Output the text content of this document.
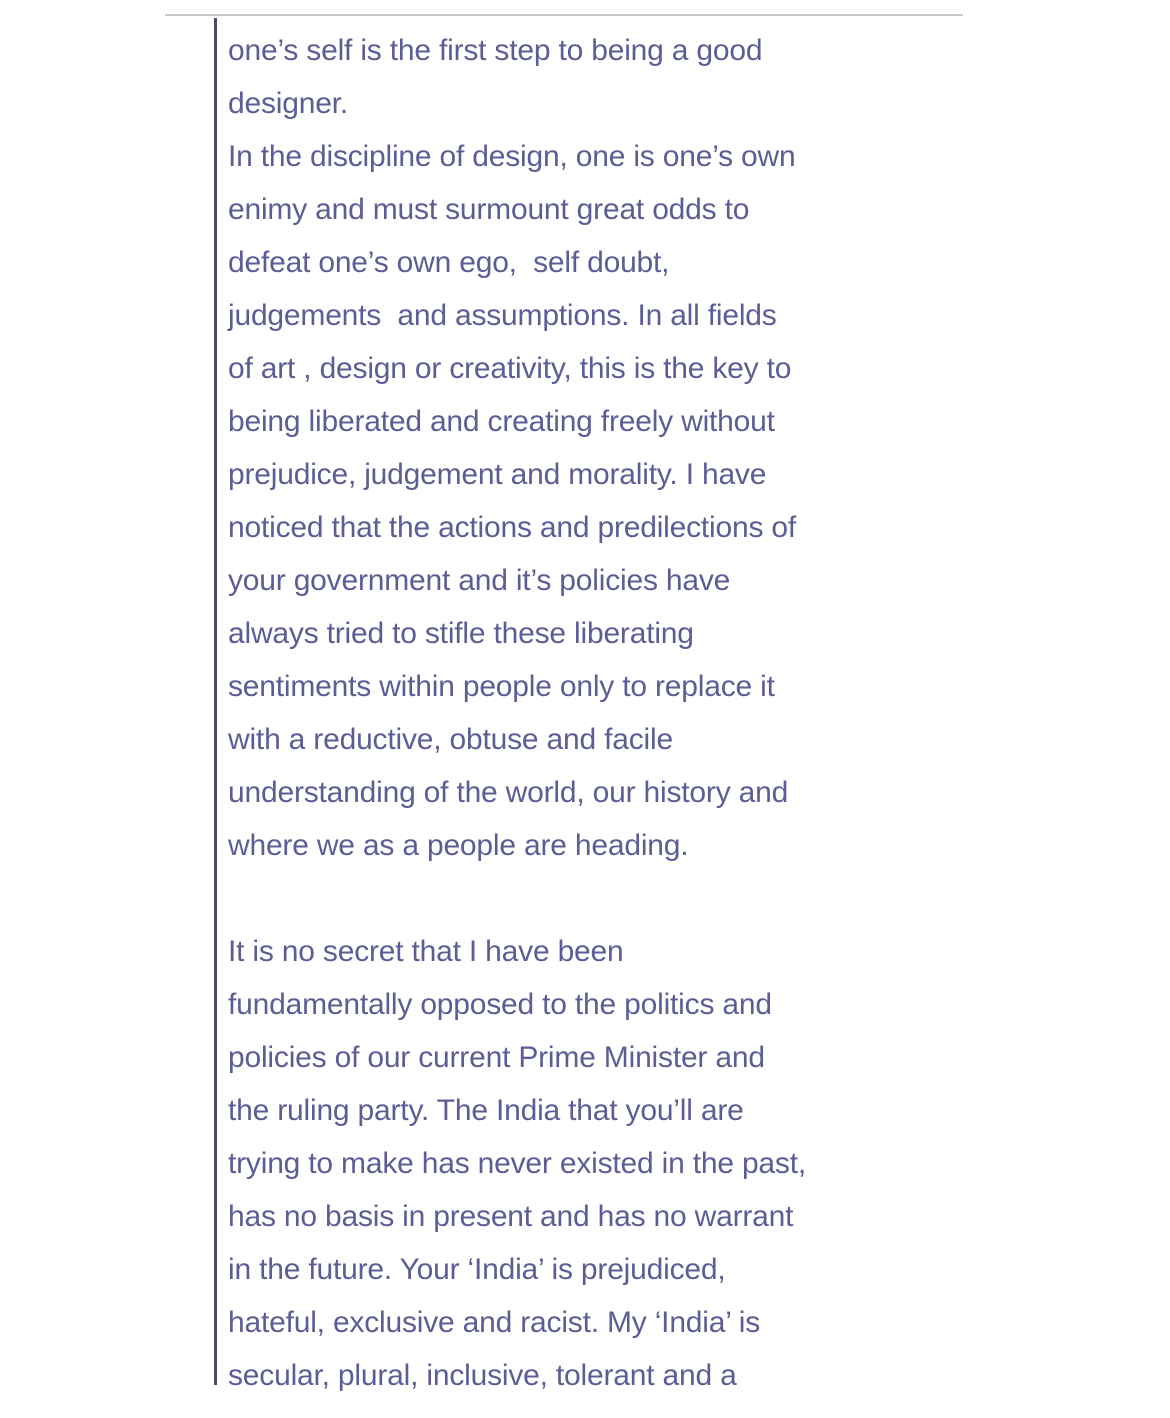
one’s self is the first step to being a good
designer.
In the discipline of design, one is one’s own
enimy and must surmount great odds to
defeat one’s own ego,  self doubt,
judgements  and assumptions. In all fields
of art , design or creativity, this is the key to
being liberated and creating freely without
prejudice, judgement and morality. I have
noticed that the actions and predilections of
your government and it’s policies have
always tried to stifle these liberating
sentiments within people only to replace it
with a reductive, obtuse and facile
understanding of the world, our history and
where we as a people are heading.
It is no secret that I have been
fundamentally opposed to the politics and
policies of our current Prime Minister and
the ruling party. The India that you’ll are
trying to make has never existed in the past,
has no basis in present and has no warrant
in the future. Your ‘India’ is prejudiced,
hateful, exclusive and racist. My ‘India’ is
secular, plural, inclusive, tolerant and a
